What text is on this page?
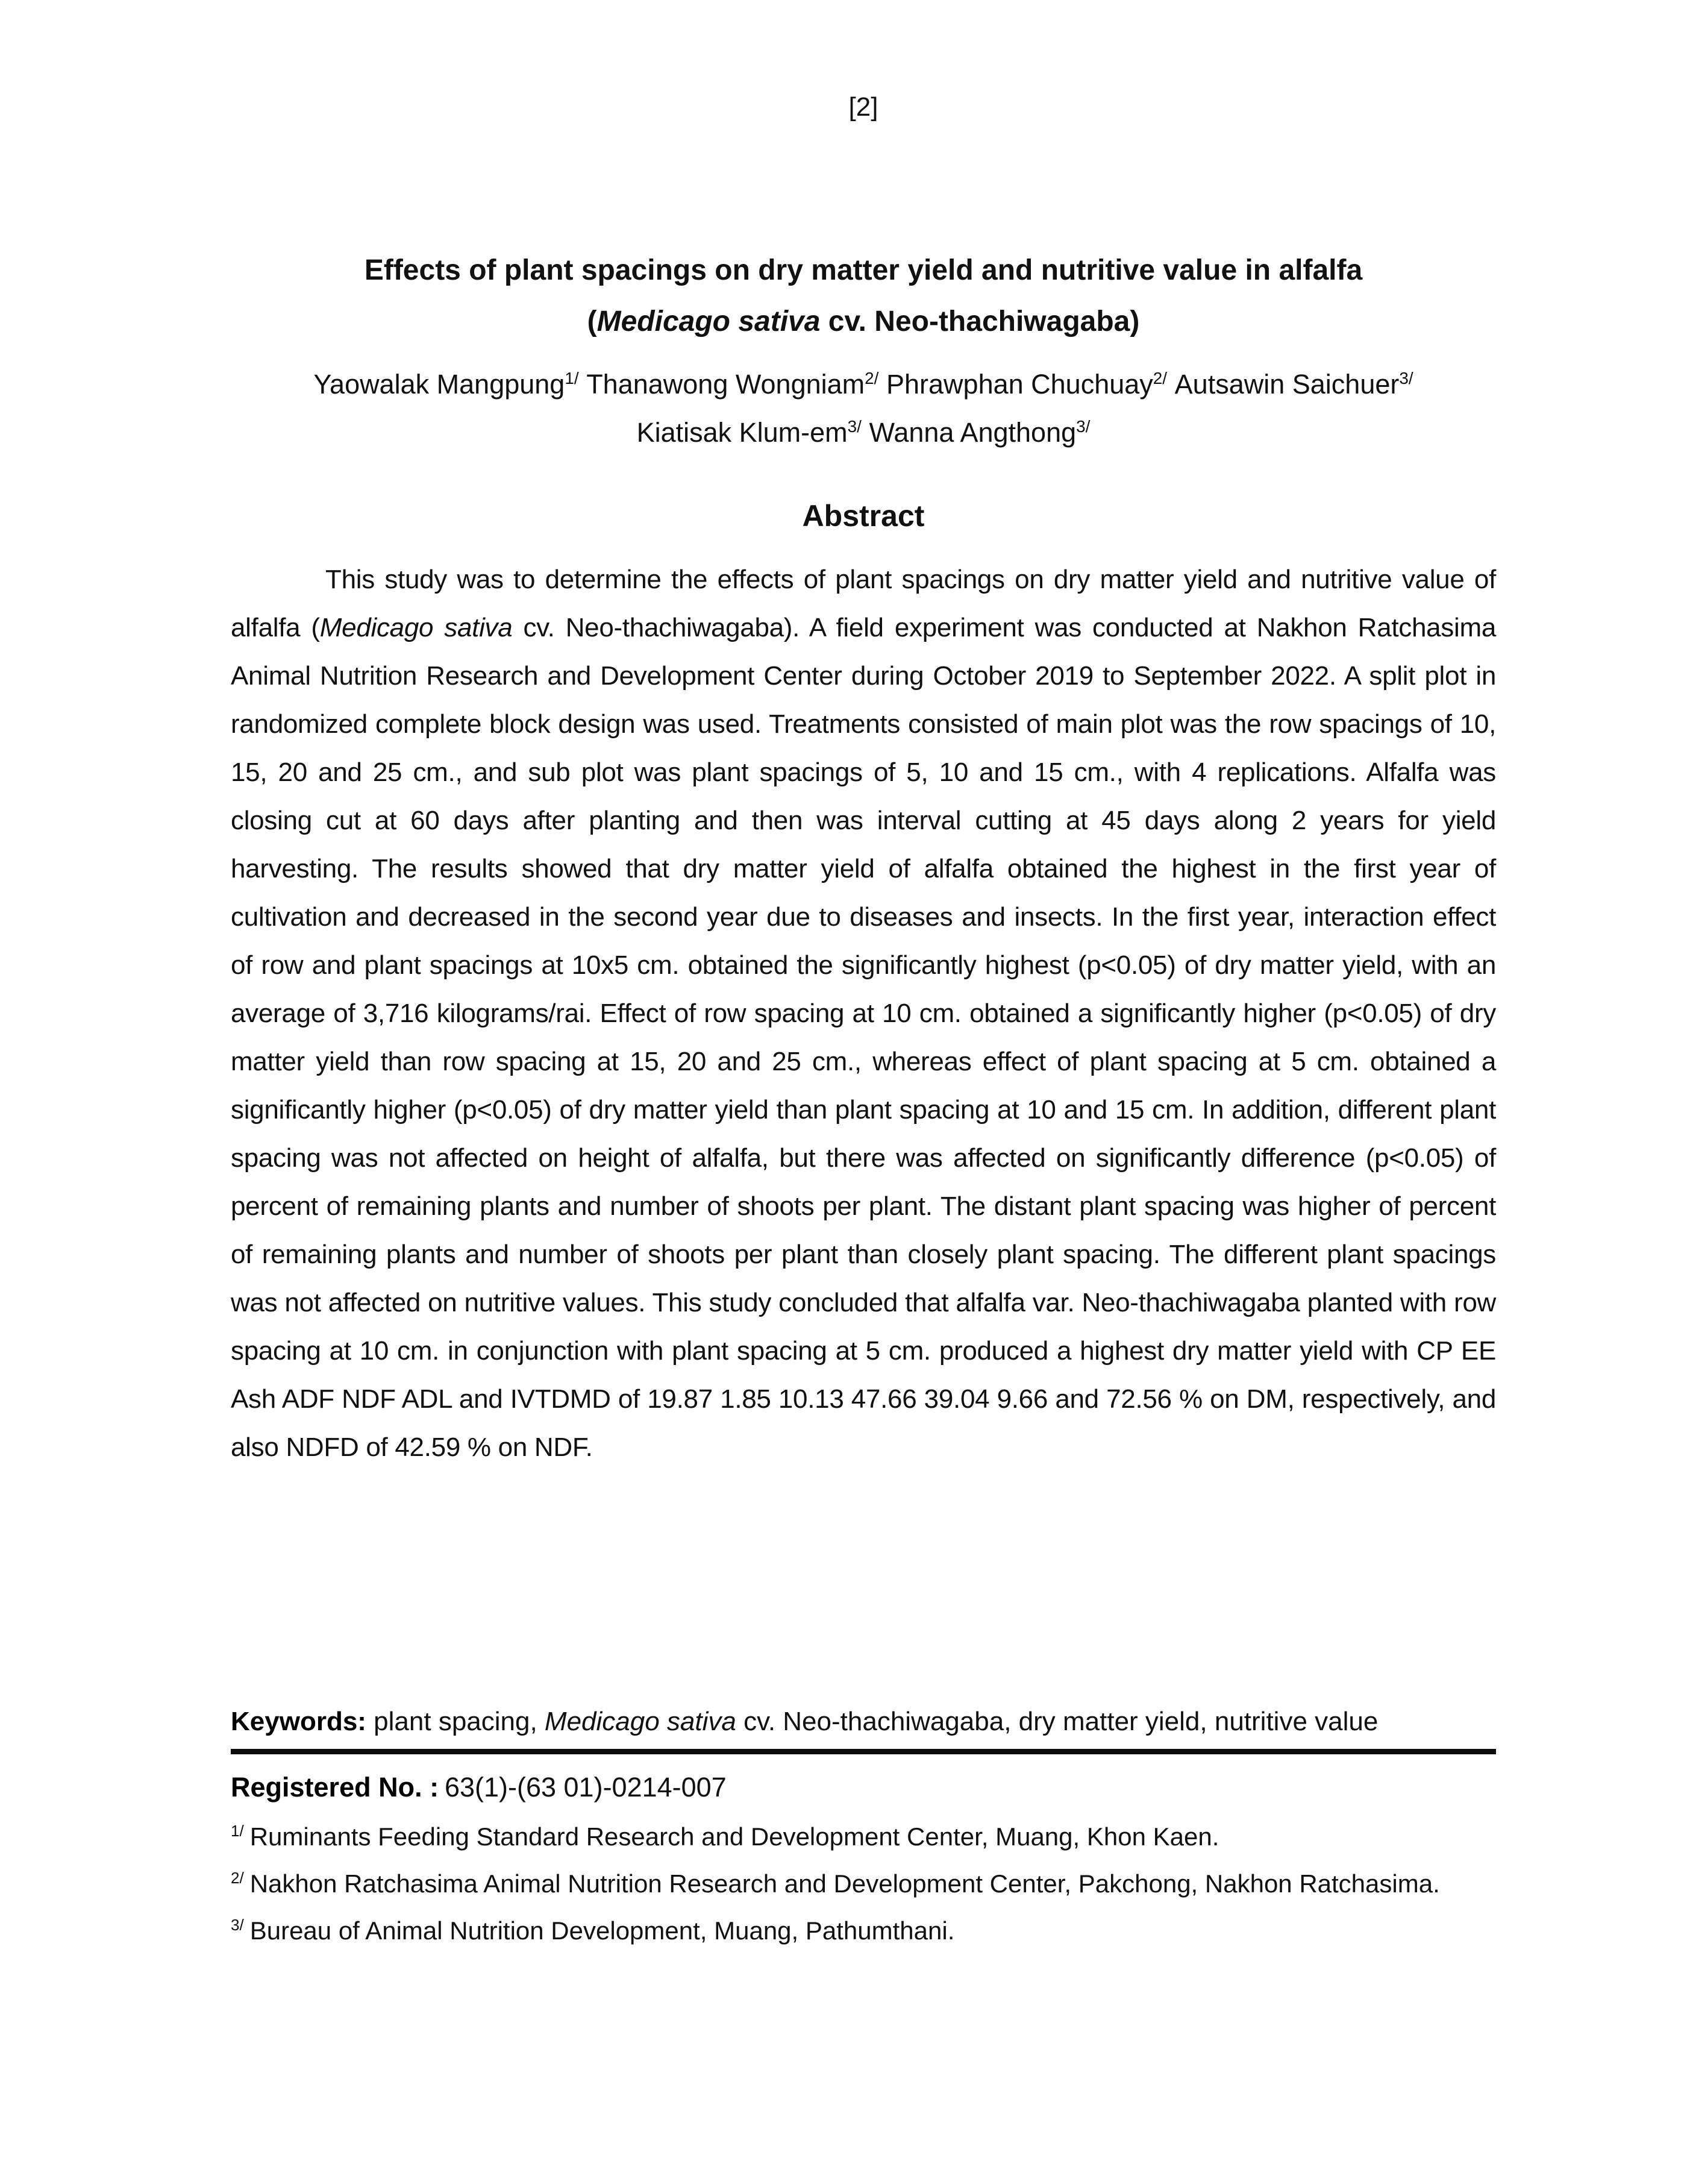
[2]
Effects of plant spacings on dry matter yield and nutritive value in alfalfa
(Medicago sativa cv. Neo-thachiwagaba)
Yaowalak Mangpung$^{1/}$ Thanawong Wongniam$^{2/}$ Phrawphan Chuchuay$^{2/}$ Autsawin Saichuer$^{3/}$
Kiatisak Klum-$em^{3/}$ Wanna Angthong$^{3/}$
Abstract

This study was to determine the effects of plant spacings on dry matter yield and nutritive value of alfalfa (Medicago sativa cv. Neo-thachiwagaba). A field experiment was conducted at Nakhon Ratchasima Animal Nutrition Research and Development Center during October 2019 to September 2022. A split plot in randomized complete block design was used. Treatments consisted of main plot was the row spacings of 10, 15, 20 and 25 cm., and sub plot was plant spacings of 5, 10 and 15 cm., with 4 replications. Alfalfa was closing cut at 60 days after planting and then was interval cutting at 45 days along 2 years for yield harvesting. The results showed that dry matter yield of alfalfa obtained the highest in the first year of cultivation and decreased in the second year due to diseases and insects. In the first year, interaction effect of row and plant spacings at 10x5 cm. obtained the significantly highest (p<0.05) of dry matter yield, with an average of 3,716 kilograms/rai. Effect of row spacing at 10 cm. obtained a significantly higher (p<0.05) of dry matter yield than row spacing at 15, 20 and 25 cm., whereas effect of plant spacing at 5 cm. obtained a significantly higher (p<0.05) of dry matter yield than plant spacing at 10 and 15 cm. In addition, different plant spacing was not affected on height of alfalfa, but there was affected on significantly difference (p<0.05) of percent of remaining plants and number of shoots per plant. The distant plant spacing was higher of percent of remaining plants and number of shoots per plant than closely plant spacing. The different plant spacings was not affected on nutritive values. This study concluded that alfalfa var. Neo-thachiwagaba planted with row spacing at 10 cm. in conjunction with plant spacing at 5 cm. produced a highest dry matter yield with CP EE Ash ADF NDF ADL and IVTDMD of 19.87 1.85 10.13 47.66 39.04 9.66 and 72.56 % on DM, respectively, and also NDFD of 42.59 % on NDF.

Keywords: plant spacing, Medicago sativa cv. Neo-thachiwagaba, dry matter yield, nutritive value
Registered No. : 63(1)-(63 01)-0214-007
$^{1/}$ Ruminants Feeding Standard Research and Development Center, Muang, Khon Kaen.
$^{2/}$ Nakhon Ratchasima Animal Nutrition Research and Development Center, Pakchong, Nakhon Ratchasima.
$^{3/}$ Bureau of Animal Nutrition Development, Muang, Pathumthani.
